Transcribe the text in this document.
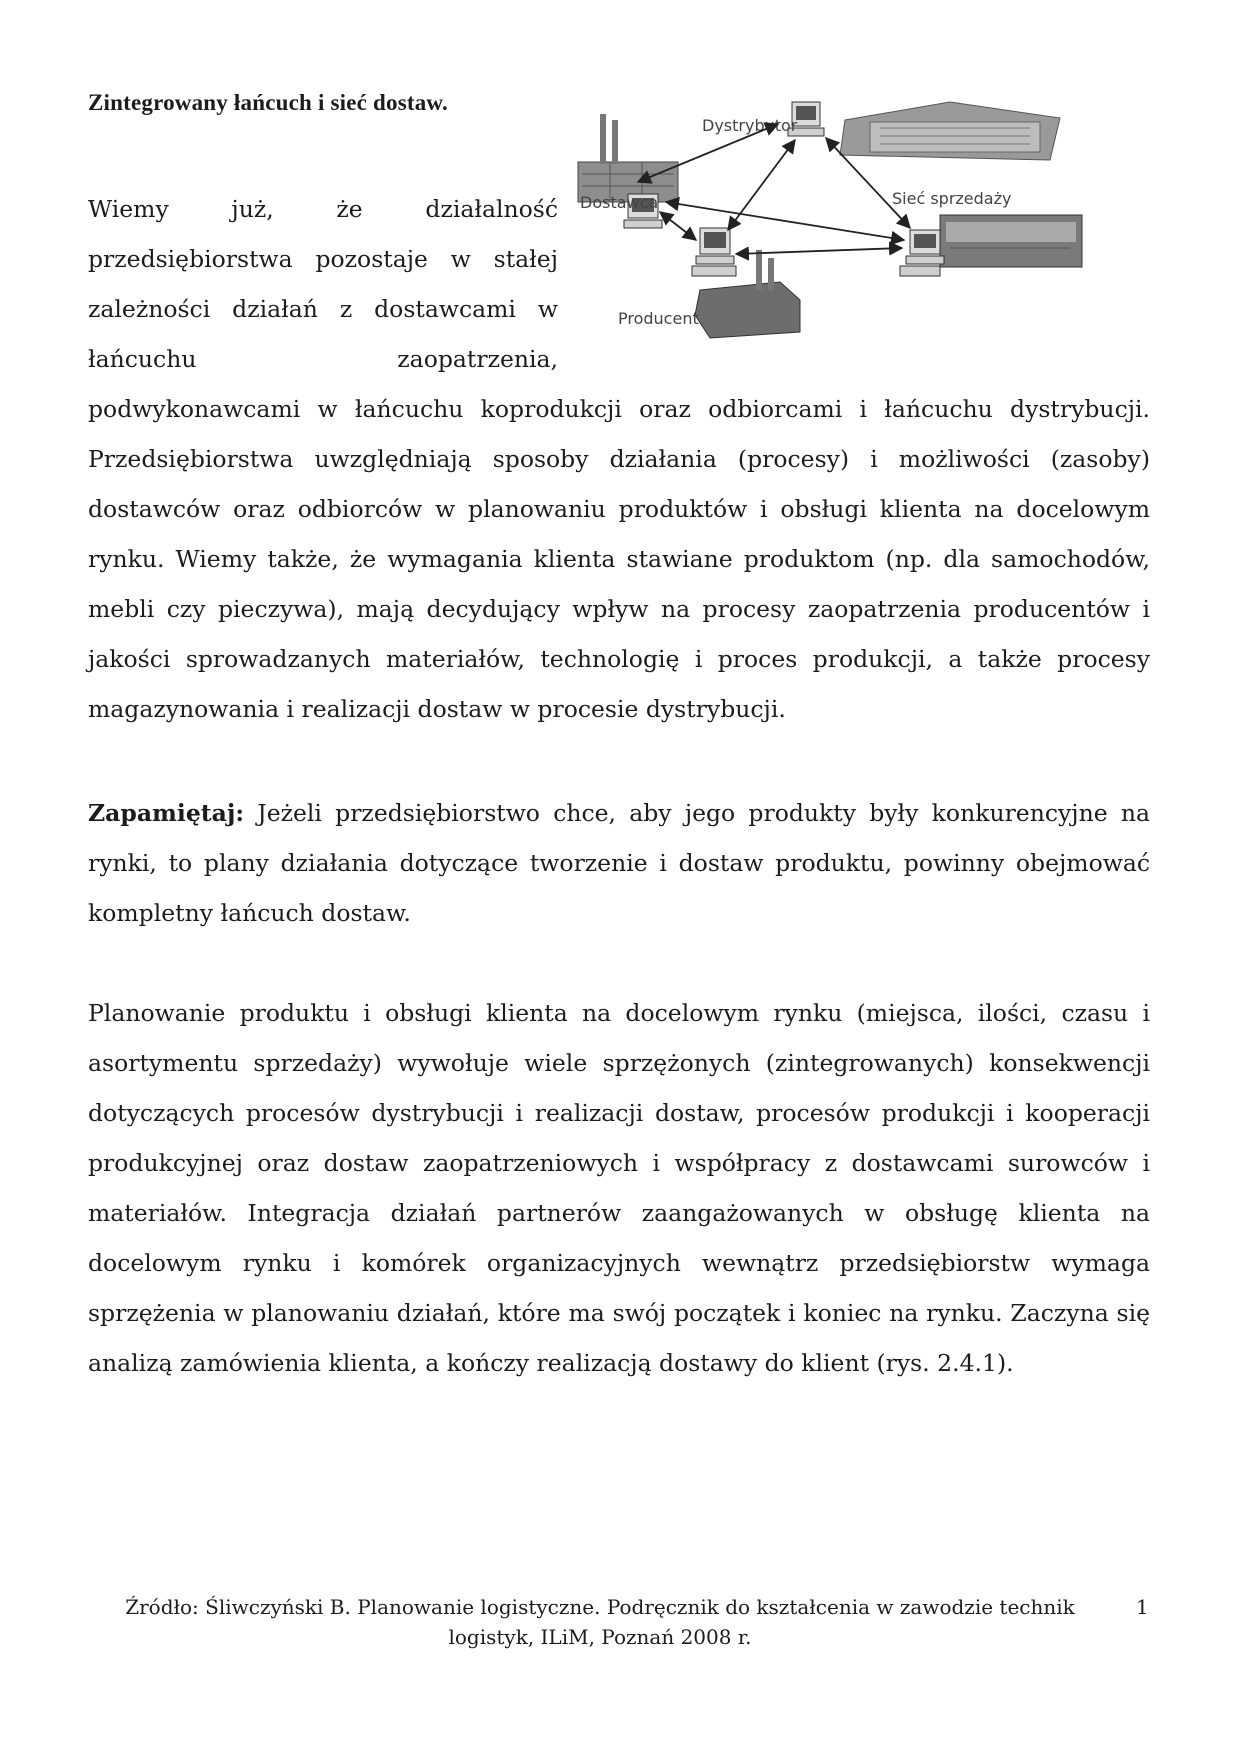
Zintegrowany łańcuch i sieć dostaw.
Wiemy już, że działalność
przedsiębiorstwa pozostaje w stałej
zależności działań z dostawcami w
łańcuchu zaopatrzenia,
Dystrybutor
Dostawca	Sieć sprzedaży
Producent

podwykonawcami w łańcuchu koprodukcji oraz odbiorcami i łańcuchu dystrybucji. Przedsiębiorstwa uwzględniają sposoby działania (procesy) i możliwości (zasoby) dostawców oraz odbiorców w planowaniu produktów i obsługi klienta na docelowym rynku. Wiemy także, że wymagania klienta stawiane produktom (np. dla samochodów, mebli czy pieczywa), mają decydujący wpływ na procesy zaopatrzenia producentów i jakości sprowadzanych materiałów, technologię i proces produkcji, a także procesy magazynowania i realizacji dostaw w procesie dystrybucji.

Zapamiętaj: Jeżeli przedsiębiorstwo chce, aby jego produkty były konkurencyjne na rynki, to plany działania dotyczące tworzenie i dostaw produktu, powinny obejmować kompletny łańcuch dostaw.

Planowanie produktu i obsługi klienta na docelowym rynku (miejsca, ilości, czasu i asortymentu sprzedaży) wywołuje wiele sprzężonych (zintegrowanych) konsekwencji dotyczących procesów dystrybucji i realizacji dostaw, procesów produkcji i kooperacji produkcyjnej oraz dostaw zaopatrzeniowych i współpracy z dostawcami surowców i materiałów. Integracja działań partnerów zaangażowanych w obsługę klienta na docelowym rynku i komórek organizacyjnych wewnątrz przedsiębiorstw wymaga sprzężenia w planowaniu działań, które ma swój początek i koniec na rynku. Zaczyna się analizą zamówienia klienta, a kończy realizacją dostawy do klient (rys. 2.4.1).

Źródło: Śliwczyński B. Planowanie logistyczne. Podręcznik do kształcenia w zawodzie technik logistyk, ILiM, Poznań 2008 r.

1
